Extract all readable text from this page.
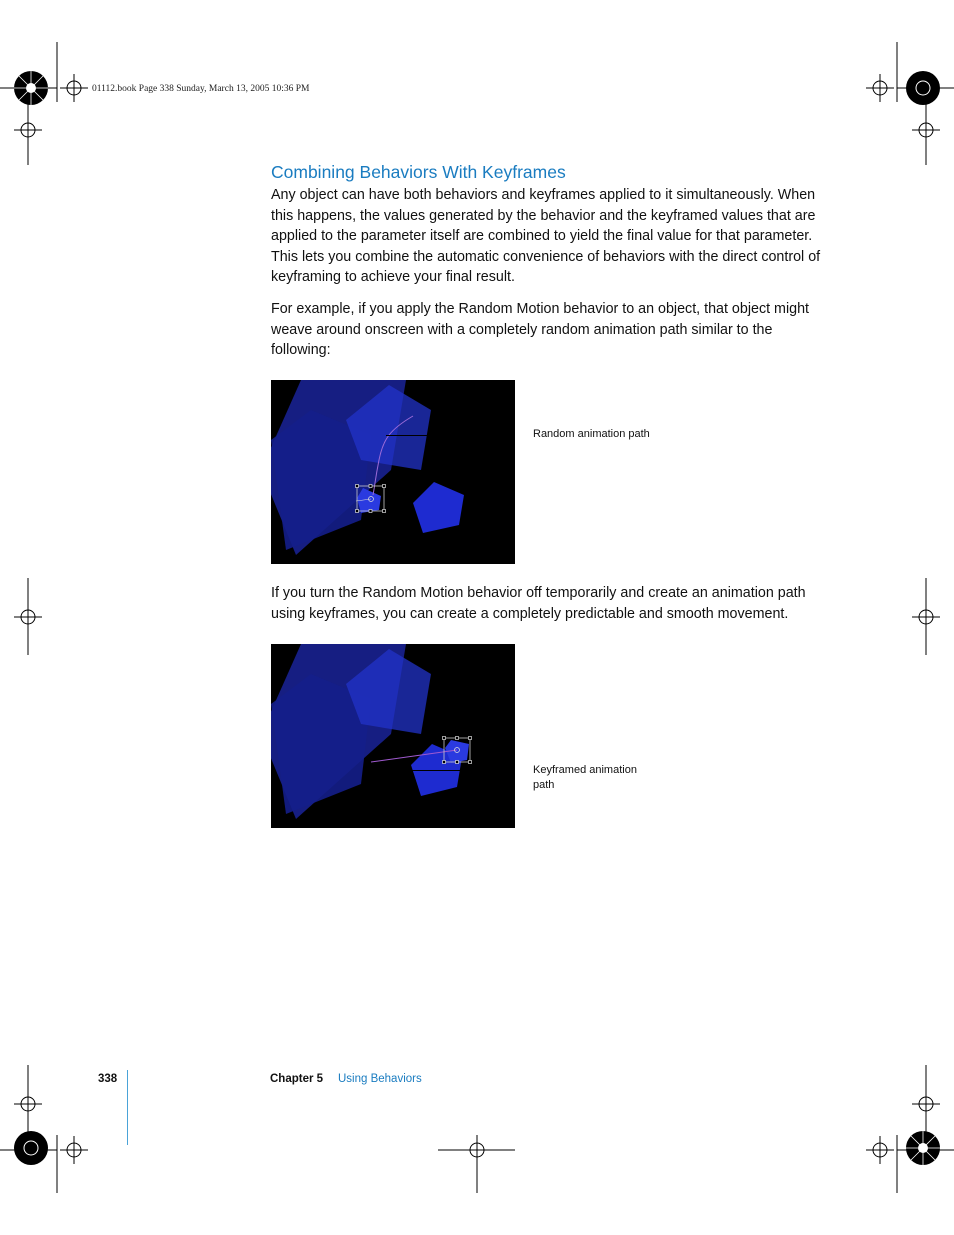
01112.book Page 338 Sunday, March 13, 2005 10:36 PM
Combining Behaviors With Keyframes
Any object can have both behaviors and keyframes applied to it simultaneously. When this happens, the values generated by the behavior and the keyframed values that are applied to the parameter itself are combined to yield the final value for that parameter. This lets you combine the automatic convenience of behaviors with the direct control of keyframing to achieve your final result.
For example, if you apply the Random Motion behavior to an object, that object might weave around onscreen with a completely random animation path similar to the following:
Random animation path
If you turn the Random Motion behavior off temporarily and create an animation path using keyframes, you can create a completely predictable and smooth movement.
Keyframed animation path
338	Chapter 5 Using Behaviors
